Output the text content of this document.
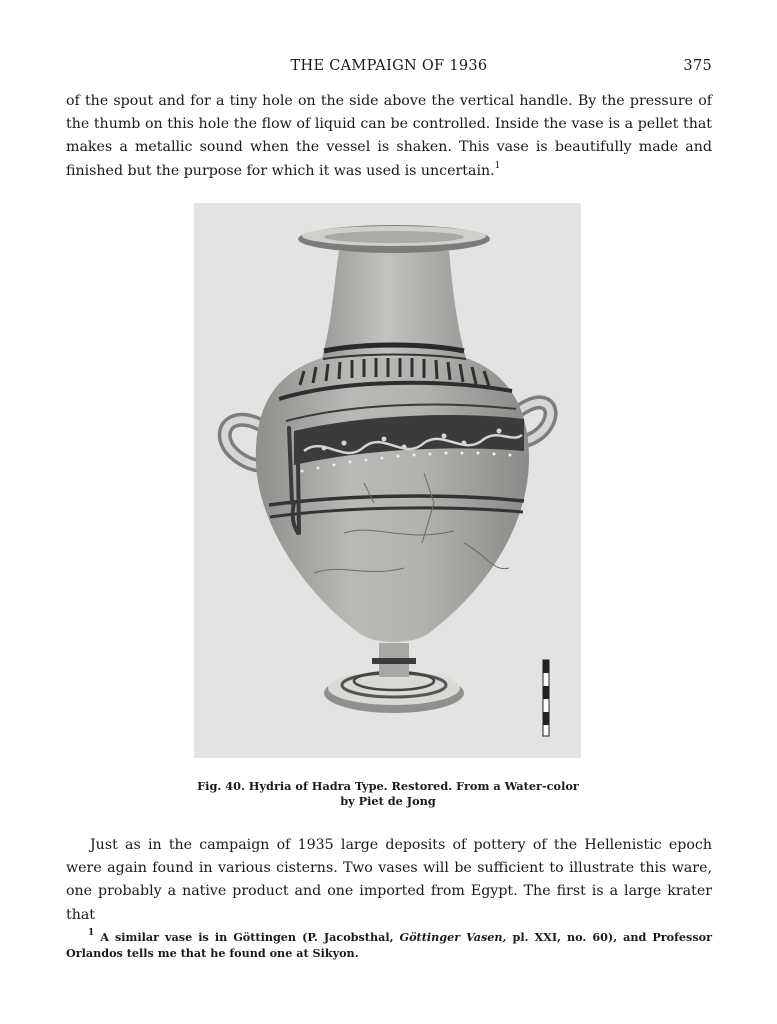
THE CAMPAIGN OF 1936	375

of the spout and for a tiny hole on the side above the vertical handle. By the pressure of the thumb on this hole the flow of liquid can be controlled. Inside the vase is a pellet that makes a metallic sound when the vessel is shaken. This vase is beautifully made and finished but the purpose for which it was used is uncertain.$^1$

Fig. 40. Hydria of Hadra Type. Restored. From a Water-color
by Piet de Jong

Just as in the campaign of 1935 large deposits of pottery of the Hellenistic epoch were again found in various cisterns. Two vases will be sufficient to illustrate this ware, one probably a native product and one imported from Egypt. The first is a large krater that

$^1$ A similar vase is in Göttingen (P. Jacobsthal, Göttinger Vasen, pl. XXI, no. 60), and Professor Orlandos tells me that he found one at Sikyon.
